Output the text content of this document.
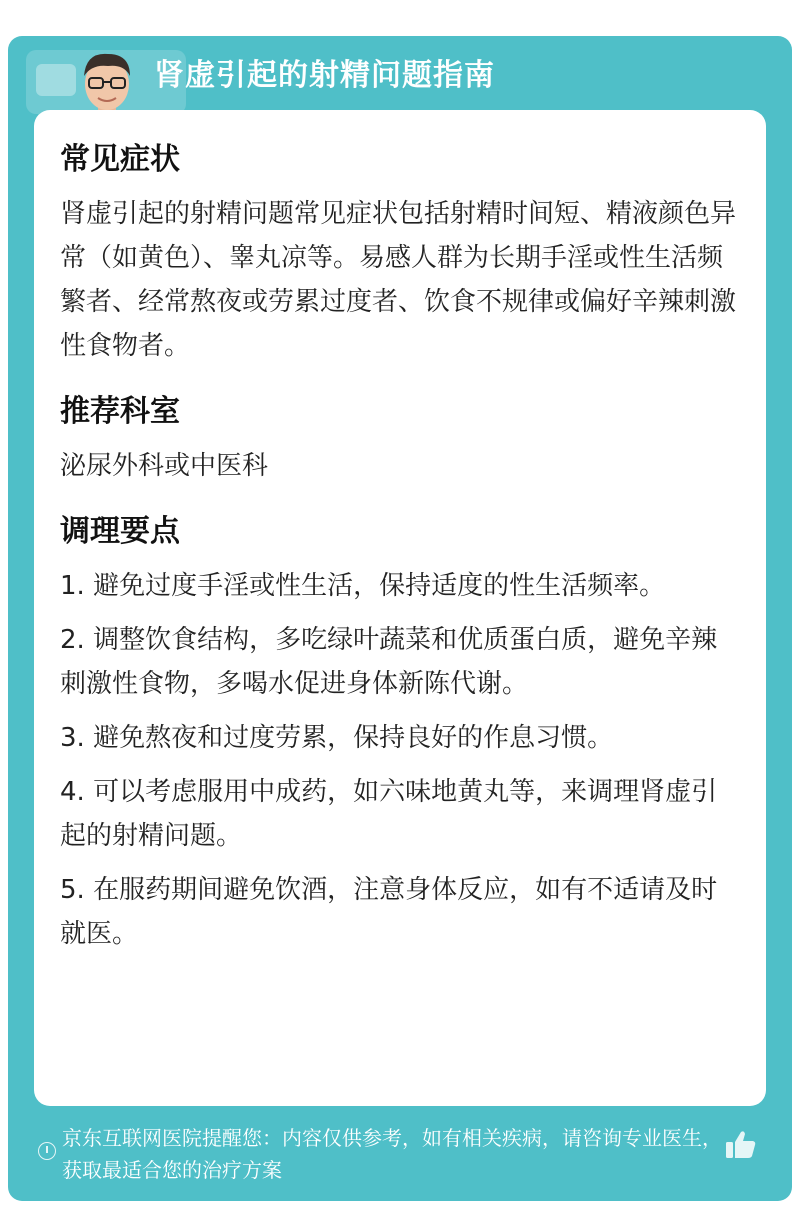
肾虚引起的射精问题指南
常见症状

肾虚引起的射精问题常见症状包括射精时间短、精液颜色异常（如黄色）、睾丸凉等。易感人群为长期手淫或性生活频繁者、经常熬夜或劳累过度者、饮食不规律或偏好辛辣刺激性食物者。

推荐科室

泌尿外科或中医科

调理要点

1. 避免过度手淫或性生活，保持适度的性生活频率。

2. 调整饮食结构，多吃绿叶蔬菜和优质蛋白质，避免辛辣刺激性食物，多喝水促进身体新陈代谢。

3. 避免熬夜和过度劳累，保持良好的作息习惯。

4. 可以考虑服用中成药，如六味地黄丸等，来调理肾虚引起的射精问题。

5. 在服药期间避免饮酒，注意身体反应，如有不适请及时就医。

京东互联网医院提醒您：内容仅供参考，如有相关疾病，请咨询专业医生，获取最适合您的治疗方案
